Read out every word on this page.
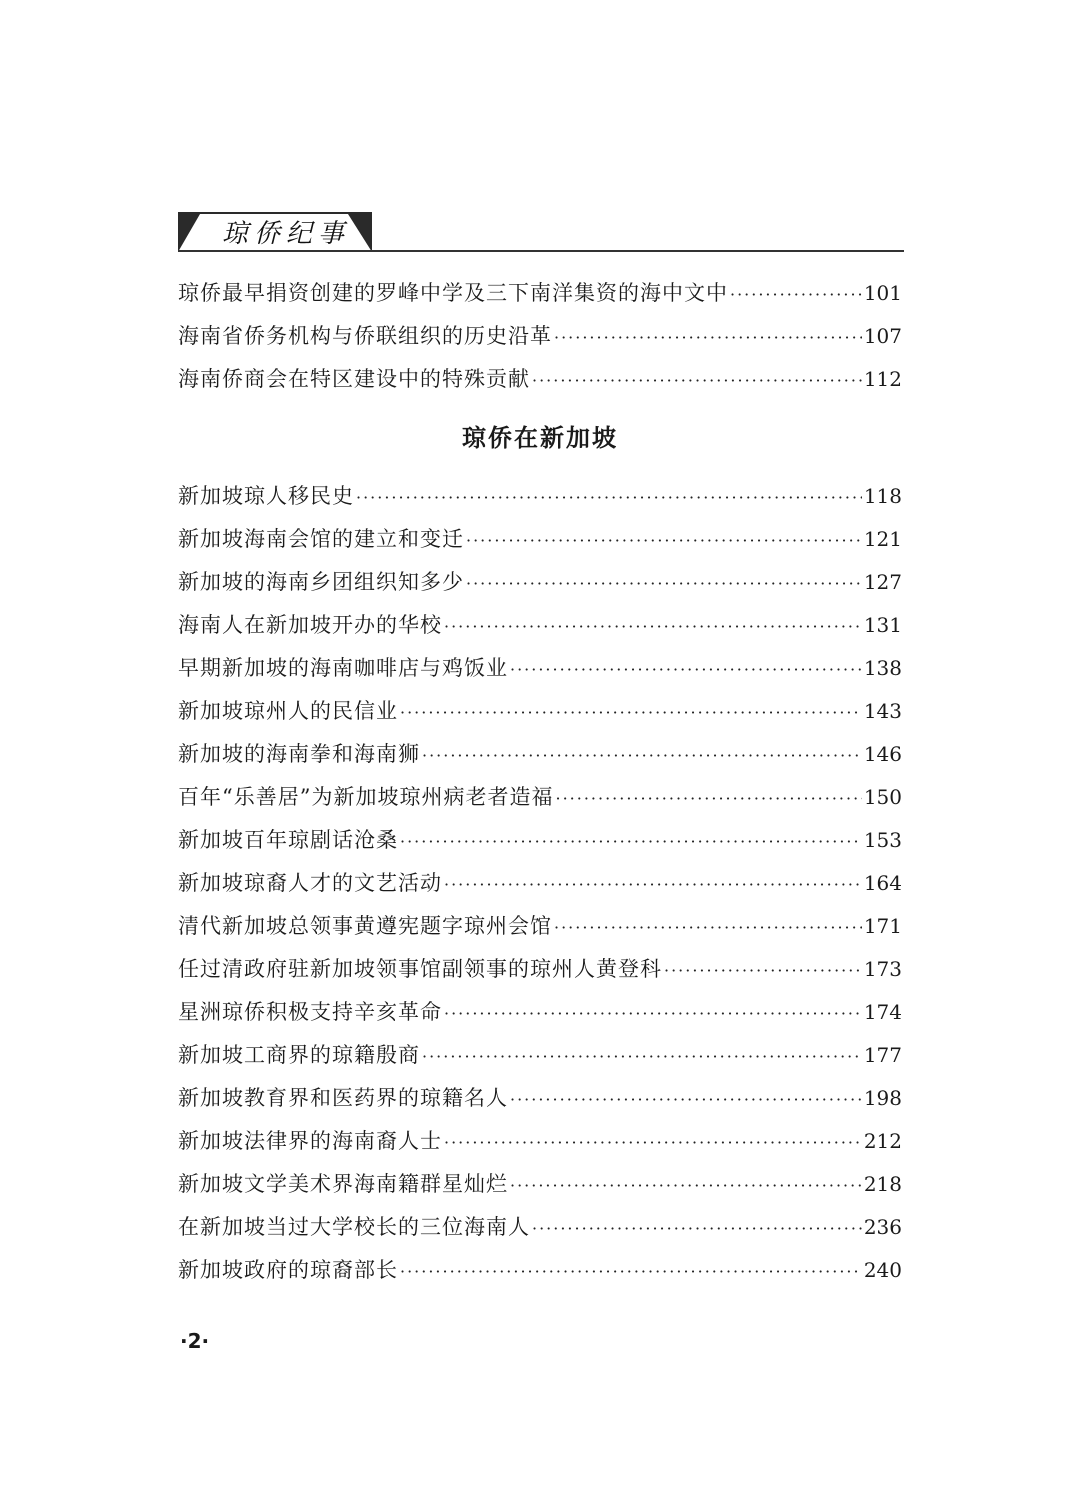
琼侨纪事
琼侨最早捐资创建的罗峰中学及三下南洋集资的海中文中 ·····	101
海南省侨务机构与侨联组织的历史沿革 ·····	107
海南侨商会在特区建设中的特殊贡献 ·····	112
琼侨在新加坡
新加坡琼人移民史 ·····	118
新加坡海南会馆的建立和变迁 ·····	121
新加坡的海南乡团组织知多少 ·····	127
海南人在新加坡开办的华校 ·····	131
早期新加坡的海南咖啡店与鸡饭业 ·····	138
新加坡琼州人的民信业 ·····	143
新加坡的海南拳和海南狮 ·····	146
百年“乐善居”为新加坡琼州病老者造福 ·····	150
新加坡百年琼剧话沧桑 ·····	153
新加坡琼裔人才的文艺活动 ·····	164
清代新加坡总领事黄遵宪题字琼州会馆 ·····	171
任过清政府驻新加坡领事馆副领事的琼州人黄登科 ·····	173
星洲琼侨积极支持辛亥革命 ·····	174
新加坡工商界的琼籍殷商 ·····	177
新加坡教育界和医药界的琼籍名人 ·····	198
新加坡法律界的海南裔人士 ·····	212
新加坡文学美术界海南籍群星灿烂 ·····	218
在新加坡当过大学校长的三位海南人 ·····	236
新加坡政府的琼裔部长 ·····	240
·2·
